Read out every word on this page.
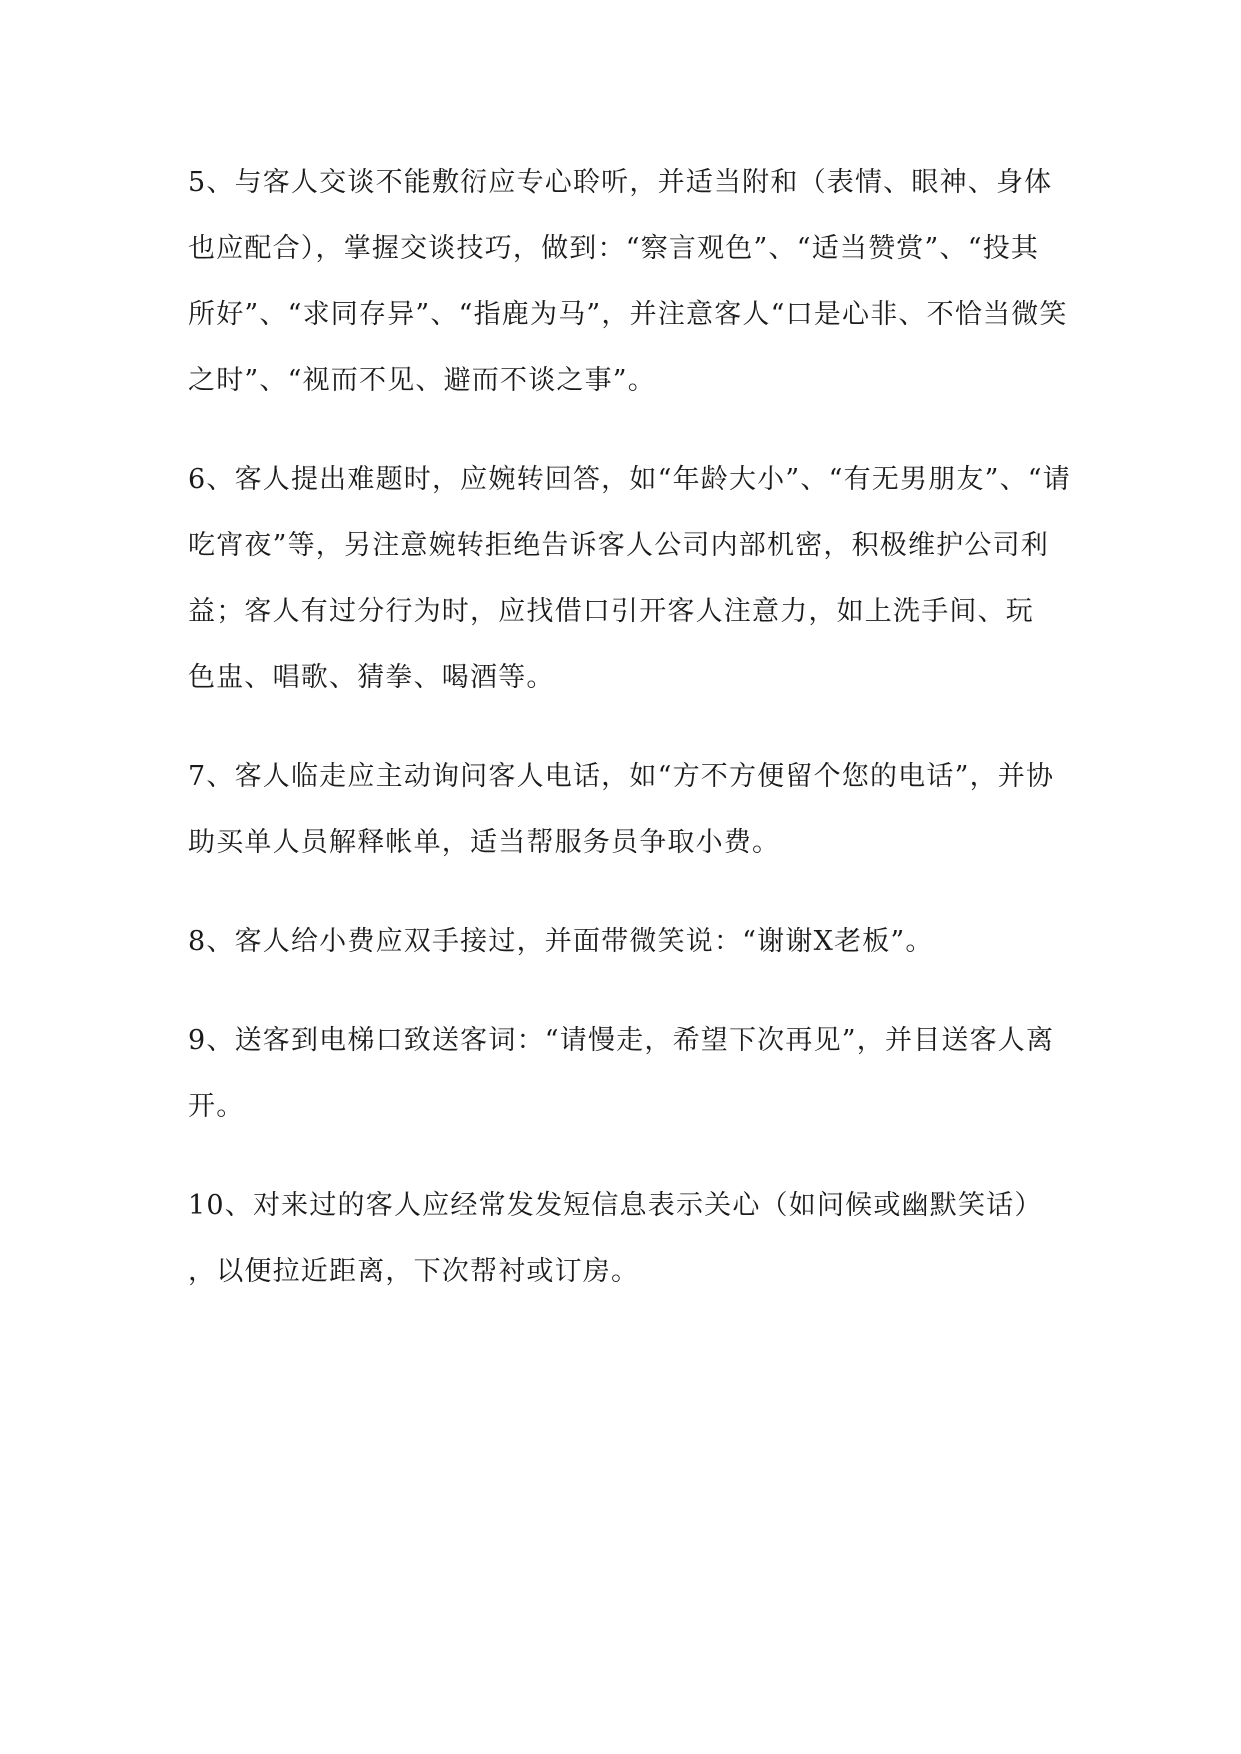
5、与客人交谈不能敷衍应专心聆听，并适当附和（表情、眼神、身体
也应配合），掌握交谈技巧，做到：“察言观色”、“适当赞赏”、“投其
所好”、“求同存异”、“指鹿为马”，并注意客人“口是心非、不恰当微笑
之时”、“视而不见、避而不谈之事”。

6、客人提出难题时，应婉转回答，如“年龄大小”、“有无男朋友”、“请
吃宵夜”等，另注意婉转拒绝告诉客人公司内部机密，积极维护公司利
益；客人有过分行为时，应找借口引开客人注意力，如上洗手间、玩
色盅、唱歌、猜拳、喝酒等。

7、客人临走应主动询问客人电话，如“方不方便留个您的电话”，并协
助买单人员解释帐单，适当帮服务员争取小费。

8、客人给小费应双手接过，并面带微笑说：“谢谢X老板”。

9、送客到电梯口致送客词：“请慢走，希望下次再见”，并目送客人离
开。

10、对来过的客人应经常发发短信息表示关心（如问候或幽默笑话）
，以便拉近距离，下次帮衬或订房。
